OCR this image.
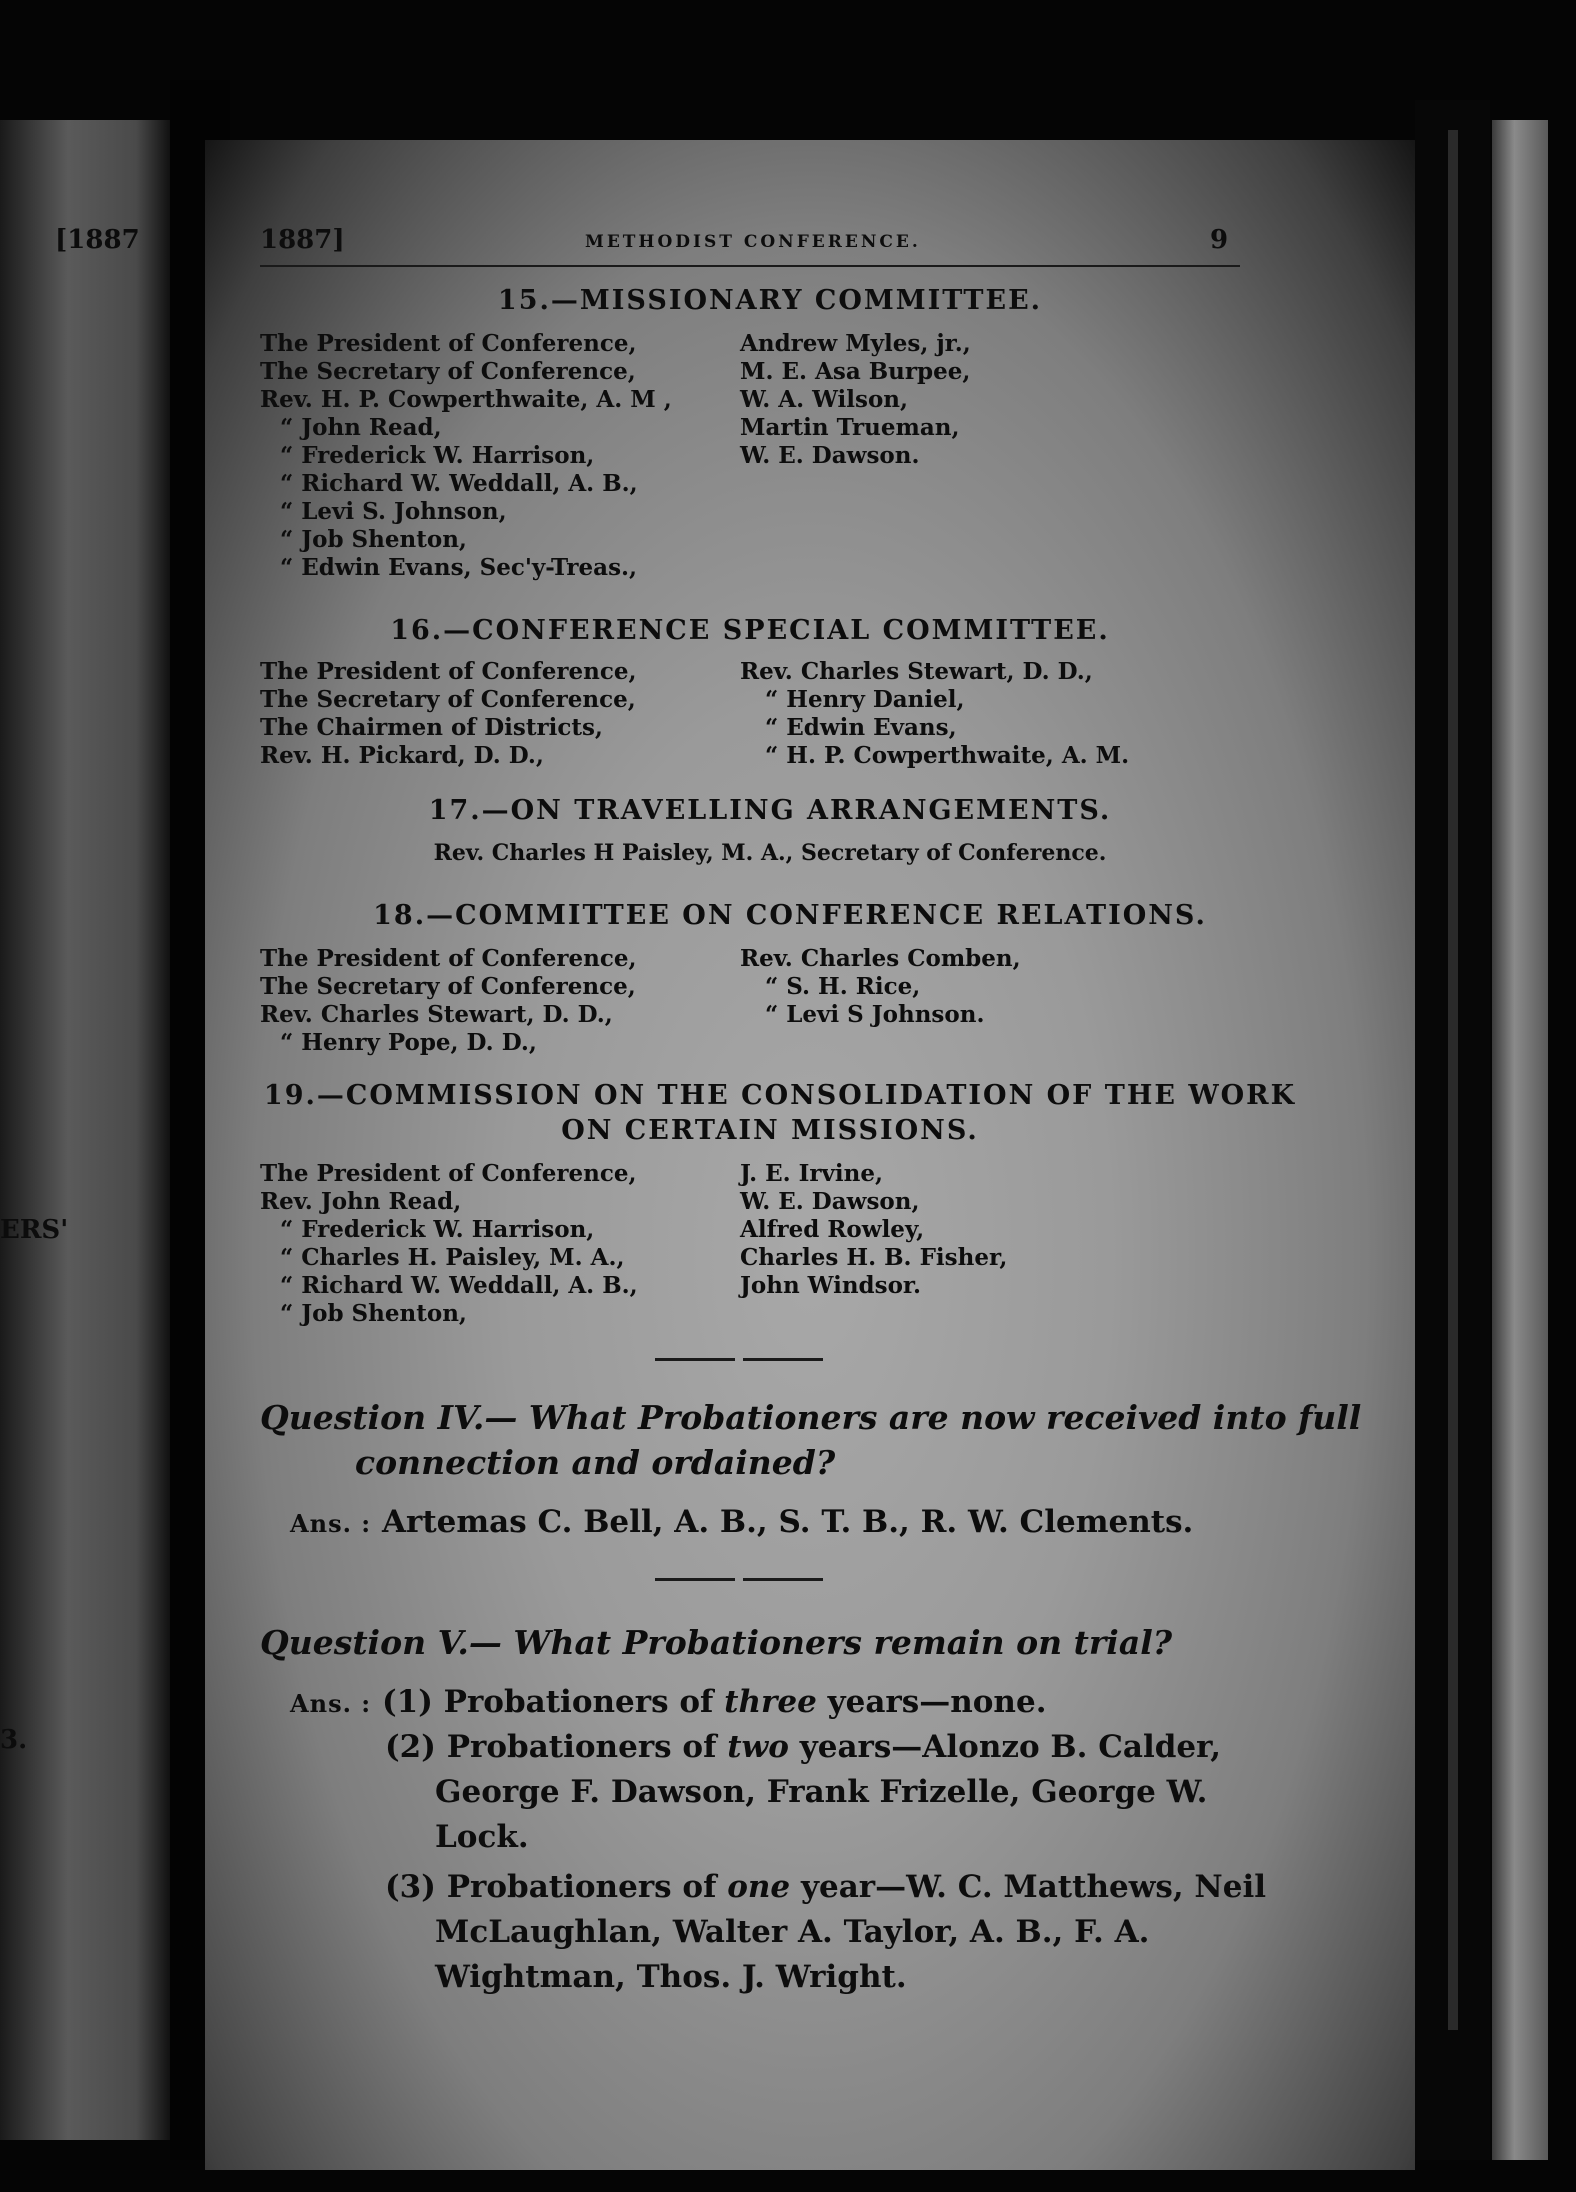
[1887
ERS'
3.
1887]	METHODIST CONFERENCE.	9
15.—MISSIONARY COMMITTEE.
The President of Conference,
The Secretary of Conference,
Rev. H. P. Cowperthwaite, A. M ,
“ John Read,
“ Frederick W. Harrison,
“ Richard W. Weddall, A. B.,
“ Levi S. Johnson,
“ Job Shenton,
“ Edwin Evans, Sec'y-Treas.,
Andrew Myles, jr.,
M. E. Asa Burpee,
W. A. Wilson,
Martin Trueman,
W. E. Dawson.
16.—CONFERENCE SPECIAL COMMITTEE.
The President of Conference,
The Secretary of Conference,
The Chairmen of Districts,
Rev. H. Pickard, D. D.,
Rev. Charles Stewart, D. D.,
“ Henry Daniel,
“ Edwin Evans,
“ H. P. Cowperthwaite, A. M.
17.—ON TRAVELLING ARRANGEMENTS.
Rev. Charles H Paisley, M. A., Secretary of Conference.
18.—COMMITTEE ON CONFERENCE RELATIONS.
The President of Conference,
The Secretary of Conference,
Rev. Charles Stewart, D. D.,
“ Henry Pope, D. D.,
Rev. Charles Comben,
“ S. H. Rice,
“ Levi S Johnson.
19.—COMMISSION ON THE CONSOLIDATION OF THE WORK
ON CERTAIN MISSIONS.
The President of Conference,
Rev. John Read,
“ Frederick W. Harrison,
“ Charles H. Paisley, M. A.,
“ Richard W. Weddall, A. B.,
“ Job Shenton,
J. E. Irvine,
W. E. Dawson,
Alfred Rowley,
Charles H. B. Fisher,
John Windsor.
Question IV.— What Probationers are now received into full
connection and ordained?
Ans. : Artemas C. Bell, A. B., S. T. B., R. W. Clements.
Question V.— What Probationers remain on trial?
Ans. : (1) Probationers of three years—none.
(2) Probationers of two years—Alonzo B. Calder,
George F. Dawson, Frank Frizelle, George W.
Lock.
(3) Probationers of one year—W. C. Matthews, Neil
McLaughlan, Walter A. Taylor, A. B., F. A.
Wightman, Thos. J. Wright.
